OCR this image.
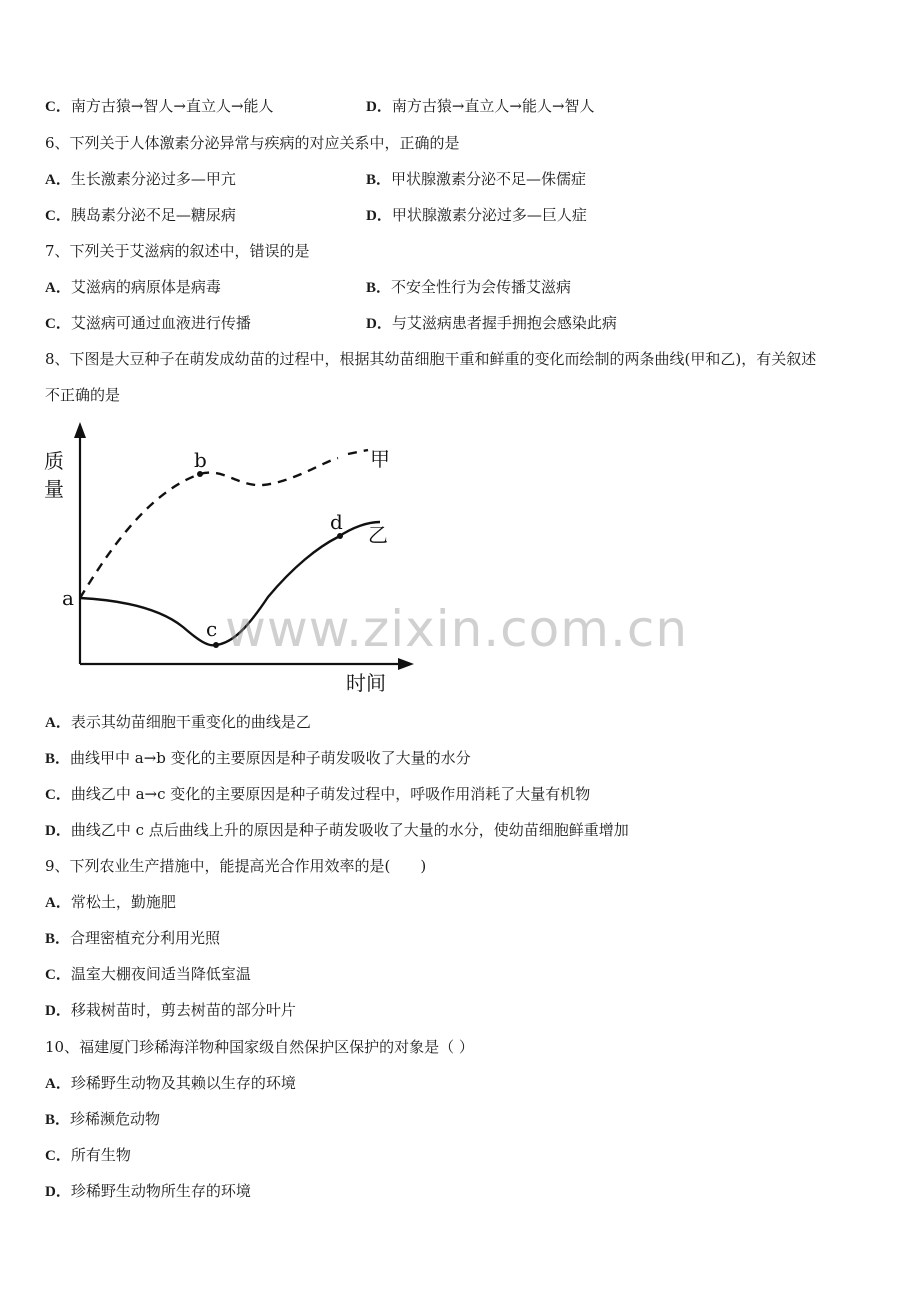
C．南方古猿→智人→直立人→能人	D．南方古猿→直立人→能人→智人
6、下列关于人体激素分泌异常与疾病的对应关系中，正确的是
A．生长激素分泌过多—甲亢	B．甲状腺激素分泌不足—侏儒症
C．胰岛素分泌不足—糖尿病	D．甲状腺激素分泌过多—巨人症
7、下列关于艾滋病的叙述中，错误的是
A．艾滋病的病原体是病毒	B．不安全性行为会传播艾滋病
C．艾滋病可通过血液进行传播	D．与艾滋病患者握手拥抱会感染此病
8、下图是大豆种子在萌发成幼苗的过程中，根据其幼苗细胞干重和鲜重的变化而绘制的两条曲线(甲和乙)，有关叙述
不正确的是
质
量
时间
甲
乙
a
b
c
d
www.zixin.com.cn
A．表示其幼苗细胞干重变化的曲线是乙
B．曲线甲中 a→b 变化的主要原因是种子萌发吸收了大量的水分
C．曲线乙中 a→c 变化的主要原因是种子萌发过程中，呼吸作用消耗了大量有机物
D．曲线乙中 c 点后曲线上升的原因是种子萌发吸收了大量的水分，使幼苗细胞鲜重增加
9、下列农业生产措施中，能提高光合作用效率的是(　　)
A．常松土，勤施肥
B．合理密植充分利用光照
C．温室大棚夜间适当降低室温
D．移栽树苗时，剪去树苗的部分叶片
10、福建厦门珍稀海洋物种国家级自然保护区保护的对象是（ ）
A．珍稀野生动物及其赖以生存的环境
B．珍稀濒危动物
C．所有生物
D．珍稀野生动物所生存的环境
